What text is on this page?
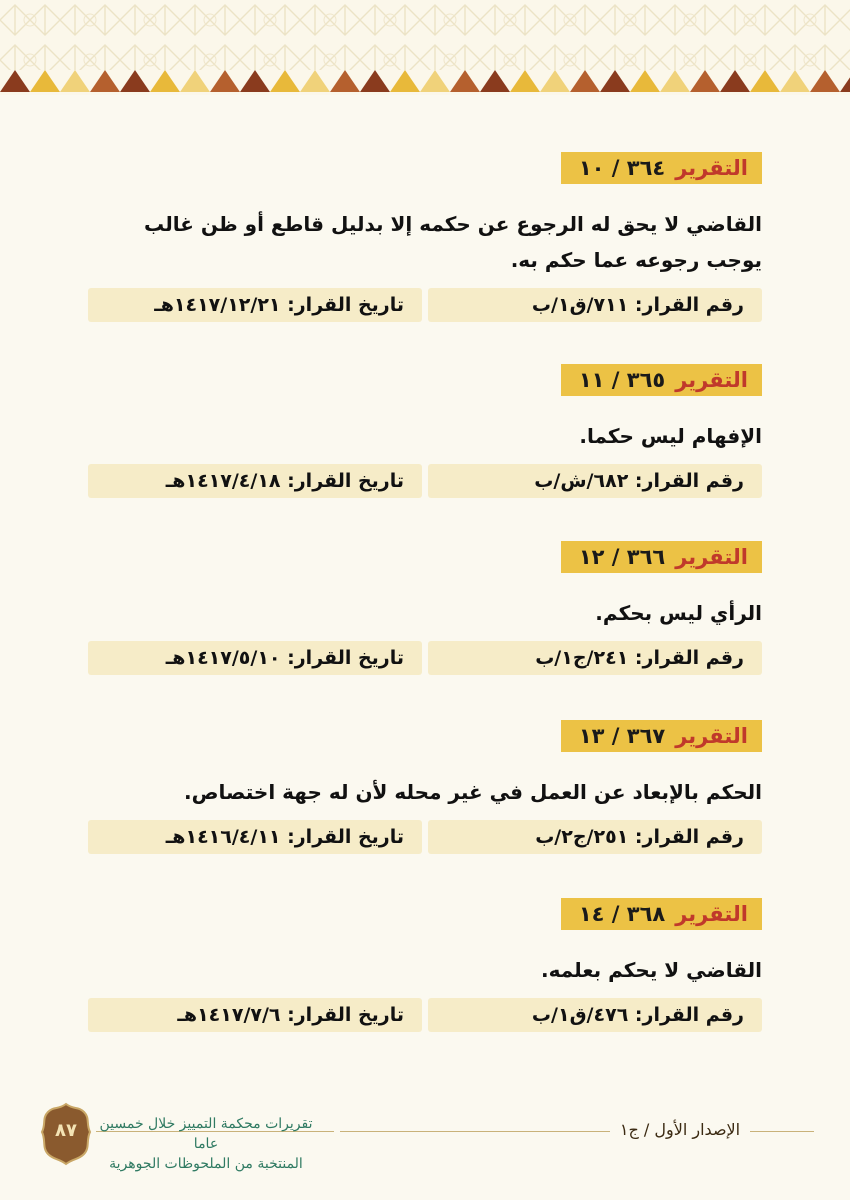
التقرير
٣٦٤ / ١٠
القاضي لا يحق له الرجوع عن حكمه إلا بدليل قاطع أو ظن غالب يوجب رجوعه عما حكم به.
رقم القرار: ٧١١/ق١/ب
تاريخ القرار: ١٤١٧/١٢/٢١هـ
التقرير
٣٦٥ / ١١
الإفهام ليس حكما.
رقم القرار: ٦٨٢/ش/ب
تاريخ القرار: ١٤١٧/٤/١٨هـ
التقرير
٣٦٦ / ١٢
الرأي ليس بحكم.
رقم القرار: ٢٤١/ج١/ب
تاريخ القرار: ١٤١٧/٥/١٠هـ
التقرير
٣٦٧ / ١٣
الحكم بالإبعاد عن العمل في غير محله لأن له جهة اختصاص.
رقم القرار: ٢٥١/ج٢/ب
تاريخ القرار: ١٤١٦/٤/١١هـ
التقرير
٣٦٨ / ١٤
القاضي لا يحكم بعلمه.
رقم القرار: ٤٧٦/ق١/ب
تاريخ القرار: ١٤١٧/٧/٦هـ
الإصدار الأول / ج١
٨٧	تقريرات محكمة التمييز خلال خمسين عاما
المنتخبة من الملحوظات الجوهرية
